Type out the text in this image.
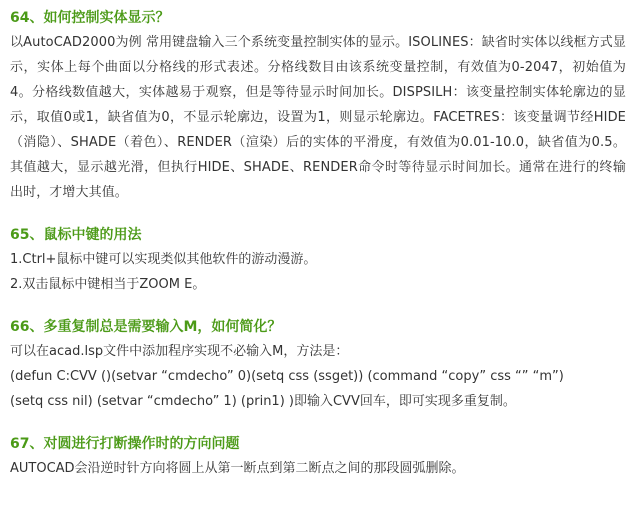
64、如何控制实体显示？
以AutoCAD2000为例 常用键盘输入三个系统变量控制实体的显示。ISOLINES：缺省时实体以线框方式显示，实体上每个曲面以分格线的形式表述。分格线数目由该系统变量控制，有效值为0-2047，初始值为4。分格线数值越大，实体越易于观察，但是等待显示时间加长。DISPSILH：该变量控制实体轮廓边的显示，取值0或1，缺省值为0，不显示轮廓边，设置为1，则显示轮廓边。FACETRES：该变量调节经HIDE（消隐）、SHADE（着色）、RENDER（渲染）后的实体的平滑度，有效值为0.01-10.0，缺省值为0.5。其值越大，显示越光滑，但执行HIDE、SHADE、RENDER命令时等待显示时间加长。通常在进行的终输出时，才增大其值。
65、鼠标中键的用法
1.Ctrl+鼠标中键可以实现类似其他软件的游动漫游。
2.双击鼠标中键相当于ZOOM E。
66、多重复制总是需要输入M，如何简化？
可以在acad.lsp文件中添加程序实现不必输入M，方法是：
(defun C:CVV ()(setvar “cmdecho” 0)(setq css (ssget)) (command “copy” css “” “m”)
(setq css nil) (setvar “cmdecho” 1) (prin1) )即输入CVV回车，即可实现多重复制。
67、对圆进行打断操作时的方向问题
AUTOCAD会沿逆时针方向将圆上从第一断点到第二断点之间的那段圆弧删除。
